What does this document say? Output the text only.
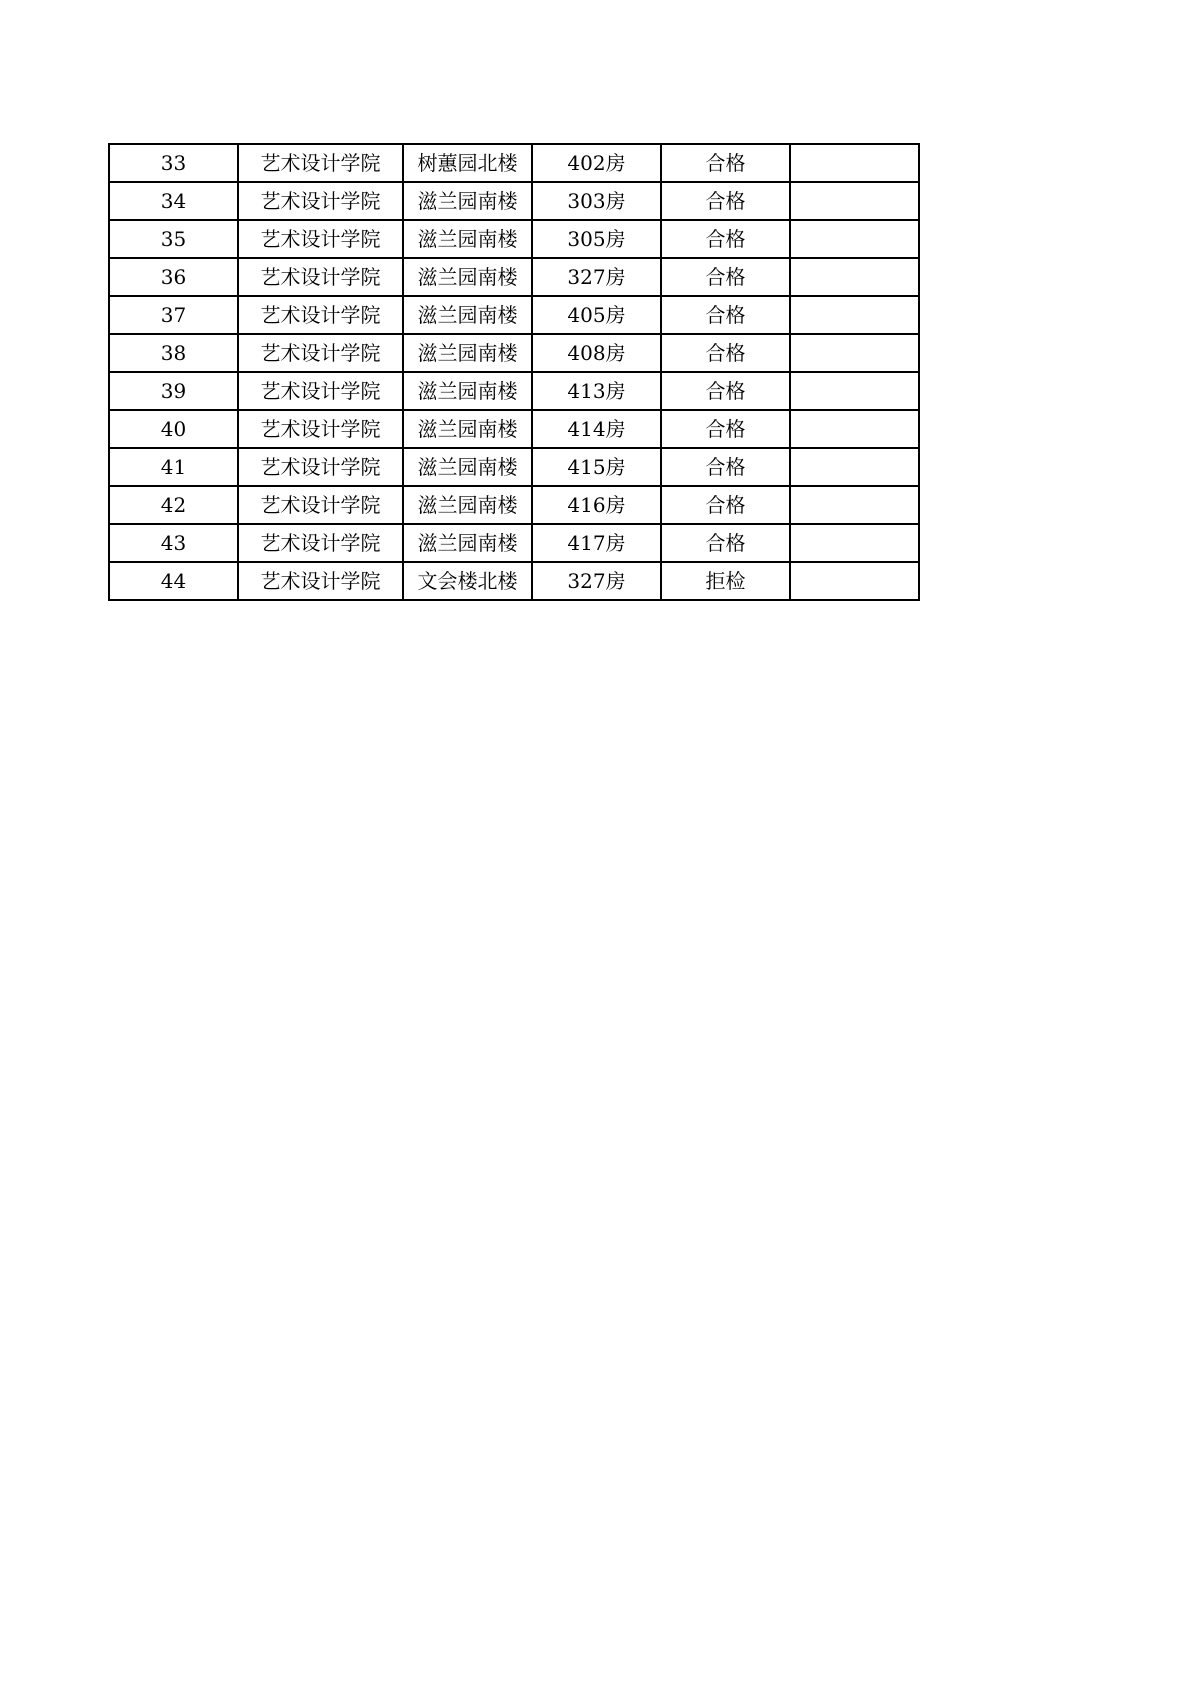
33	艺术设计学院	树蕙园北楼	402房	合格	
34	艺术设计学院	滋兰园南楼	303房	合格	
35	艺术设计学院	滋兰园南楼	305房	合格	
36	艺术设计学院	滋兰园南楼	327房	合格	
37	艺术设计学院	滋兰园南楼	405房	合格	
38	艺术设计学院	滋兰园南楼	408房	合格	
39	艺术设计学院	滋兰园南楼	413房	合格	
40	艺术设计学院	滋兰园南楼	414房	合格	
41	艺术设计学院	滋兰园南楼	415房	合格	
42	艺术设计学院	滋兰园南楼	416房	合格	
43	艺术设计学院	滋兰园南楼	417房	合格	
44	艺术设计学院	文会楼北楼	327房	拒检	
